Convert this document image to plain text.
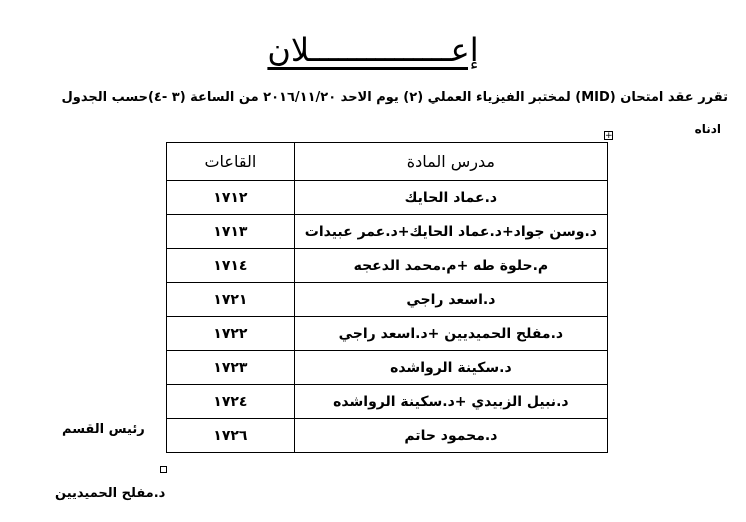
إعـــــــــــــــلان
تقرر عقد امتحان (MID) لمختبر الفيزياء العملي (٢) يوم الاحد ٢٠١٦/١١/٢٠ من الساعة (٣ -٤)حسب الجدول
ادناه
+
مدرس المادة	القاعات
د.عماد الحايك	١٧١٢
د.وسن جواد+د.عماد الحايك+د.عمر عبيدات	١٧١٣
م.حلوة طه +م.محمد الدعجه	١٧١٤
د.اسعد راجي	١٧٢١
د.مفلح الحميديين +د.اسعد راجي	١٧٢٢
د.سكينة الرواشده	١٧٢٣
د.نبيل الزبيدي +د.سكينة الرواشده	١٧٢٤
د.محمود حاتم	١٧٢٦
رئيس القسم
د.مفلح الحميديين
